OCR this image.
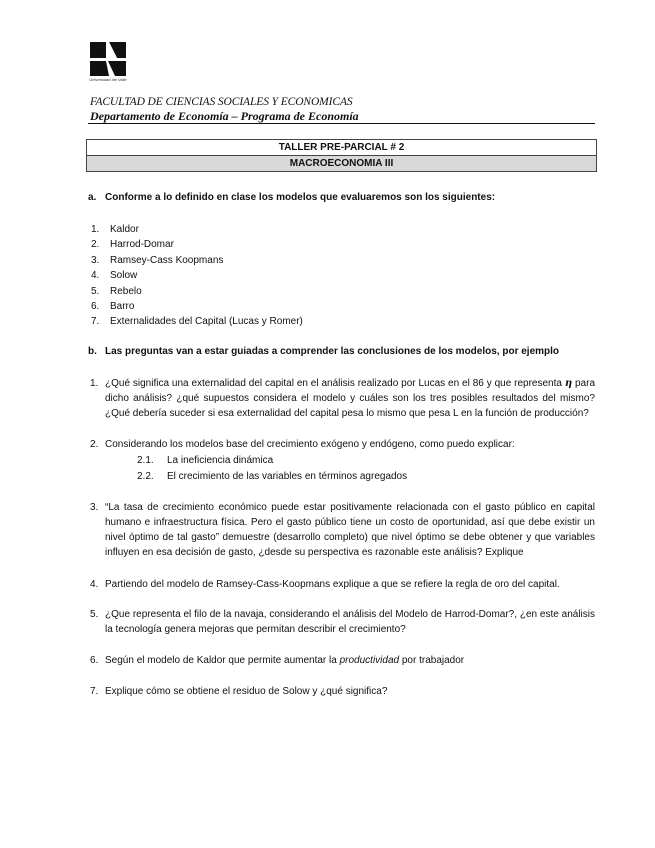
Universidad del Valle
FACULTAD DE CIENCIAS SOCIALES Y ECONOMICAS
Departamento de Economía – Programa de Economía
TALLER PRE-PARCIAL # 2
MACROECONOMIA III
a. Conforme a lo definido en clase los modelos que evaluaremos son los siguientes:
1. Kaldor
2. Harrod-Domar
3. Ramsey-Cass Koopmans
4. Solow
5. Rebelo
6. Barro
7. Externalidades del Capital (Lucas y Romer)
b. Las preguntas van a estar guiadas a comprender las conclusiones de los modelos, por ejemplo
1. ¿Qué significa una externalidad del capital en el análisis realizado por Lucas en el 86 y que representa η para dicho análisis? ¿qué supuestos considera el modelo y cuáles son los tres posibles resultados del mismo? ¿Qué debería suceder si esa externalidad del capital pesa lo mismo que pesa L en la función de producción?
2. Considerando los modelos base del crecimiento exógeno y endógeno, como puedo explicar:
2.1. La ineficiencia dinámica
2.2. El crecimiento de las variables en términos agregados
3. “La tasa de crecimiento económico puede estar positivamente relacionada con el gasto público en capital humano e infraestructura física. Pero el gasto público tiene un costo de oportunidad, así que debe existir un nivel óptimo de tal gasto” demuestre (desarrollo completo) que nivel óptimo se debe obtener y que variables influyen en esa decisión de gasto, ¿desde su perspectiva es razonable este análisis? Explique
4. Partiendo del modelo de Ramsey-Cass-Koopmans explique a que se refiere la regla de oro del capital.
5. ¿Que representa el filo de la navaja, considerando el análisis del Modelo de Harrod-Domar?, ¿en este análisis la tecnología genera mejoras que permitan describir el crecimiento?
6. Según el modelo de Kaldor que permite aumentar la productividad por trabajador
7. Explique cómo se obtiene el residuo de Solow y ¿qué significa?
